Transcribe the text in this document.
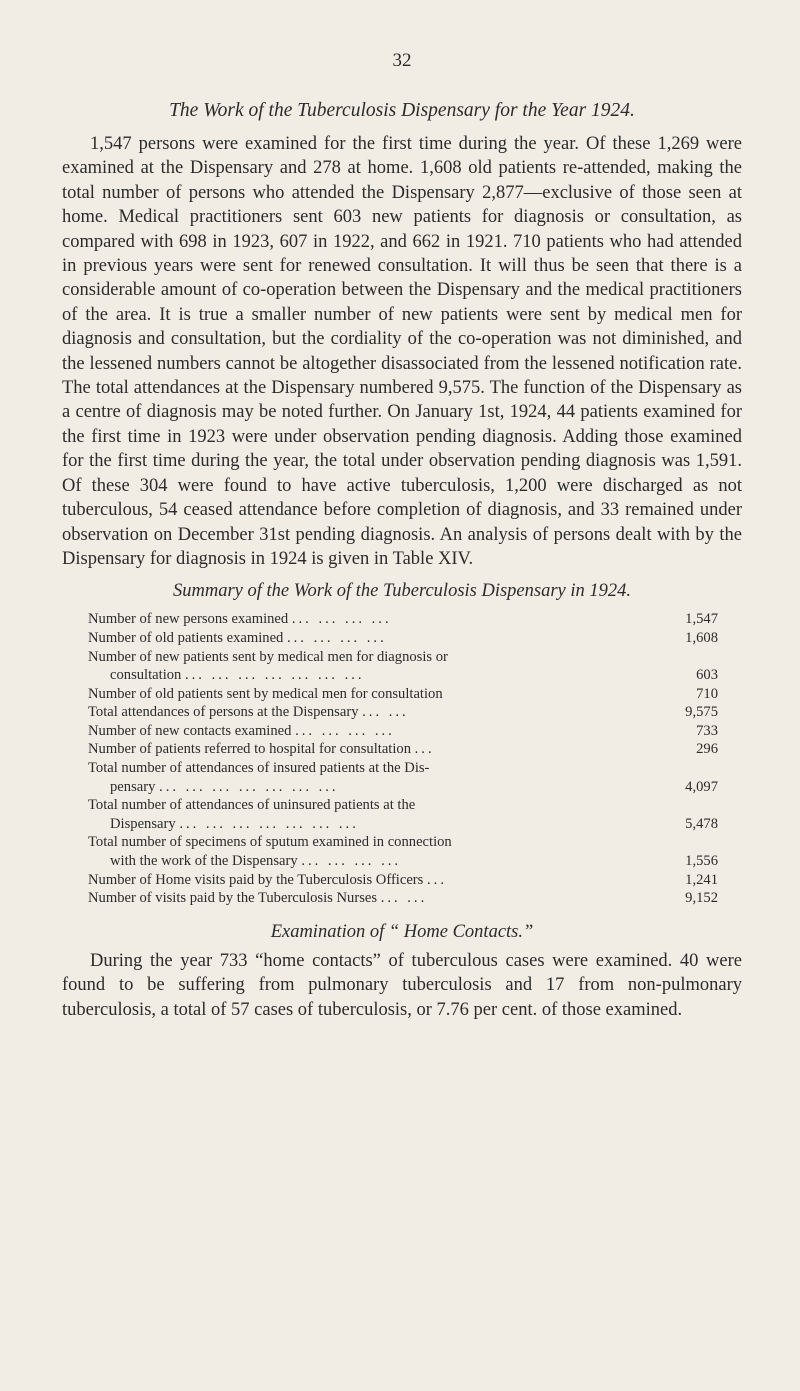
32
The Work of the Tuberculosis Dispensary for the Year 1924.

1,547 persons were examined for the first time during the year. Of these 1,269 were examined at the Dispensary and 278 at home. 1,608 old patients re-attended, making the total number of persons who attended the Dispensary 2,877—exclusive of those seen at home. Medical practitioners sent 603 new patients for diagnosis or consultation, as compared with 698 in 1923, 607 in 1922, and 662 in 1921. 710 patients who had attended in previous years were sent for renewed consultation. It will thus be seen that there is a considerable amount of co-operation between the Dispensary and the medical practitioners of the area. It is true a smaller number of new patients were sent by medical men for diagnosis and consultation, but the cordiality of the co-operation was not diminished, and the lessened numbers cannot be altogether disassociated from the lessened notification rate. The total attendances at the Dispensary numbered 9,575. The function of the Dispensary as a centre of diagnosis may be noted further. On January 1st, 1924, 44 patients examined for the first time in 1923 were under observation pending diagnosis. Adding those examined for the first time during the year, the total under observation pending diagnosis was 1,591. Of these 304 were found to have active tuberculosis, 1,200 were discharged as not tuberculous, 54 ceased attendance before completion of diagnosis, and 33 remained under observation on December 31st pending diagnosis. An analysis of persons dealt with by the Dispensary for diagnosis in 1924 is given in Table XIV.

Summary of the Work of the Tuberculosis Dispensary in 1924.
Number of new persons examined ... ... ... ...	1,547
Number of old patients examined ... ... ... ...	1,608
Number of new patients sent by medical men for diagnosis or
consultation ... ... ... ... ... ... ...	603
Number of old patients sent by medical men for consultation	710
Total attendances of persons at the Dispensary ... ...	9,575
Number of new contacts examined ... ... ... ...	733
Number of patients referred to hospital for consultation ...	296
Total number of attendances of insured patients at the Dis-
pensary ... ... ... ... ... ... ...	4,097
Total number of attendances of uninsured patients at the
Dispensary ... ... ... ... ... ... ...	5,478
Total number of specimens of sputum examined in connection
with the work of the Dispensary ... ... ... ...	1,556
Number of Home visits paid by the Tuberculosis Officers ...	1,241
Number of visits paid by the Tuberculosis Nurses ... ...	9,152
Examination of “ Home Contacts.”

During the year 733 “home contacts” of tuberculous cases were examined. 40 were found to be suffering from pulmonary tuberculosis and 17 from non-pulmonary tuberculosis, a total of 57 cases of tuberculosis, or 7.76 per cent. of those examined.
